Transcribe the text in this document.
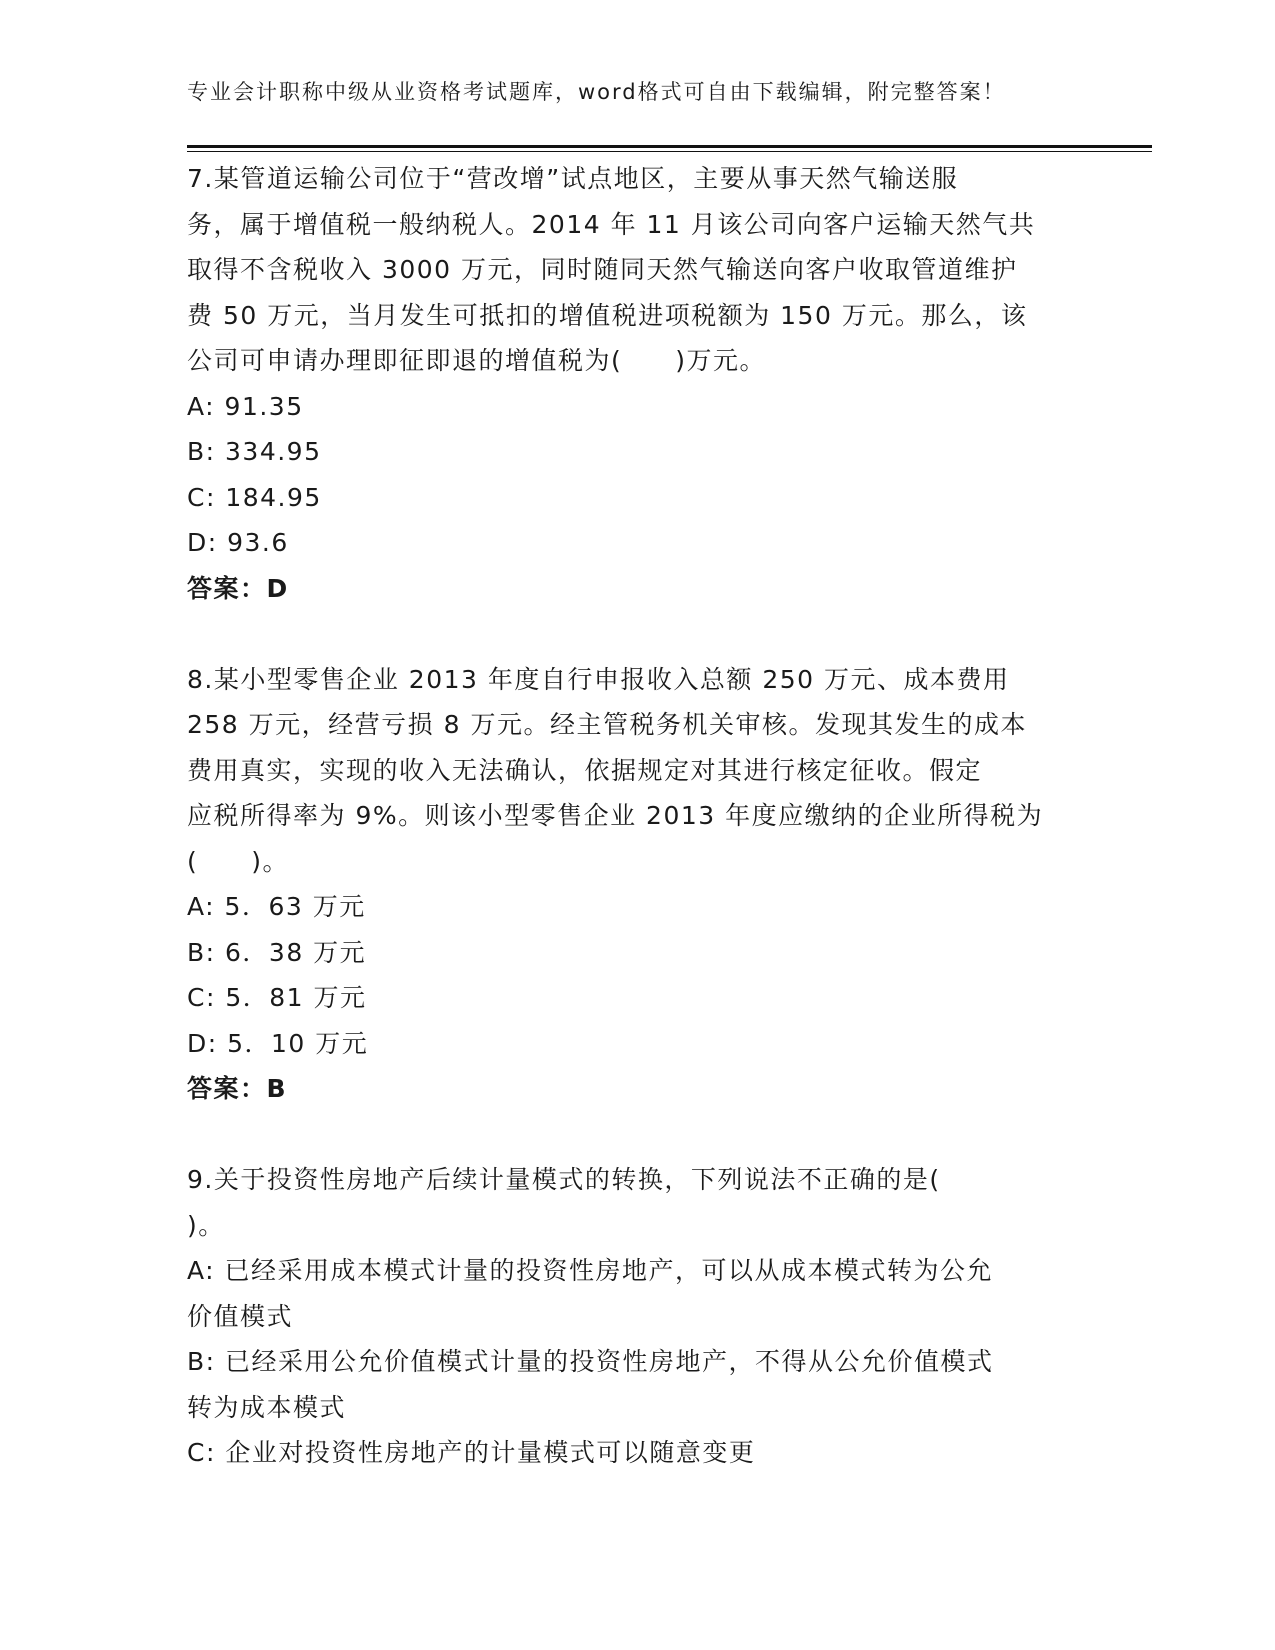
专业会计职称中级从业资格考试题库，word格式可自由下载编辑，附完整答案！

7.某管道运输公司位于“营改增”试点地区，主要从事天然气输送服

务，属于增值税一般纳税人。2014 年 11 月该公司向客户运输天然气共

取得不含税收入 3000 万元，同时随同天然气输送向客户收取管道维护

费 50 万元，当月发生可抵扣的增值税进项税额为 150 万元。那么，该

公司可申请办理即征即退的增值税为(　　)万元。

A: 91.35

B: 334.95

C: 184.95

D: 93.6

答案：D

8.某小型零售企业 2013 年度自行申报收入总额 250 万元、成本费用

258 万元，经营亏损 8 万元。经主管税务机关审核。发现其发生的成本

费用真实，实现的收入无法确认，依据规定对其进行核定征收。假定

应税所得率为 9%。则该小型零售企业 2013 年度应缴纳的企业所得税为

(　　)。

A: 5．63 万元

B: 6．38 万元

C: 5．81 万元

D: 5．10 万元

答案：B

9.关于投资性房地产后续计量模式的转换，下列说法不正确的是(

)。

A: 已经采用成本模式计量的投资性房地产，可以从成本模式转为公允

价值模式

B: 已经采用公允价值模式计量的投资性房地产，不得从公允价值模式

转为成本模式

C: 企业对投资性房地产的计量模式可以随意变更
